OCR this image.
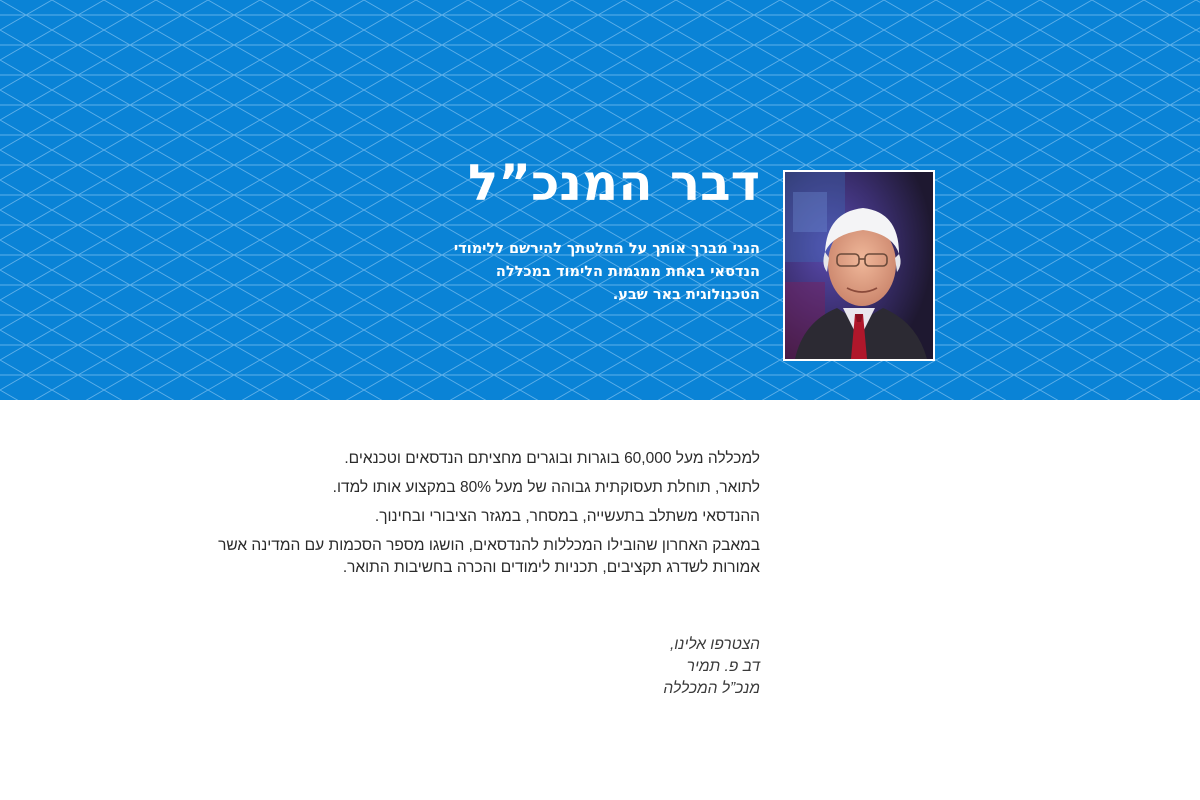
דבר המנכ”ל

הנני מברך אותך על החלטתך להירשם ללימודי הנדסאי באחת ממגמות הלימוד במכללה הטכנולוגית באר שבע.

למכללה מעל 60,000 בוגרות ובוגרים מחציתם הנדסאים וטכנאים.

לתואר, תוחלת תעסוקתית גבוהה של מעל 80% במקצוע אותו למדו.

ההנדסאי משתלב בתעשייה, במסחר, במגזר הציבורי ובחינוך.

במאבק האחרון שהובילו המכללות להנדסאים, הושגו מספר הסכמות עם המדינה אשר אמורות לשדרג תקציבים, תכניות לימודים והכרה בחשיבות התואר.

הצטרפו אלינו,
דב פ. תמיר
מנכ”ל המכללה
